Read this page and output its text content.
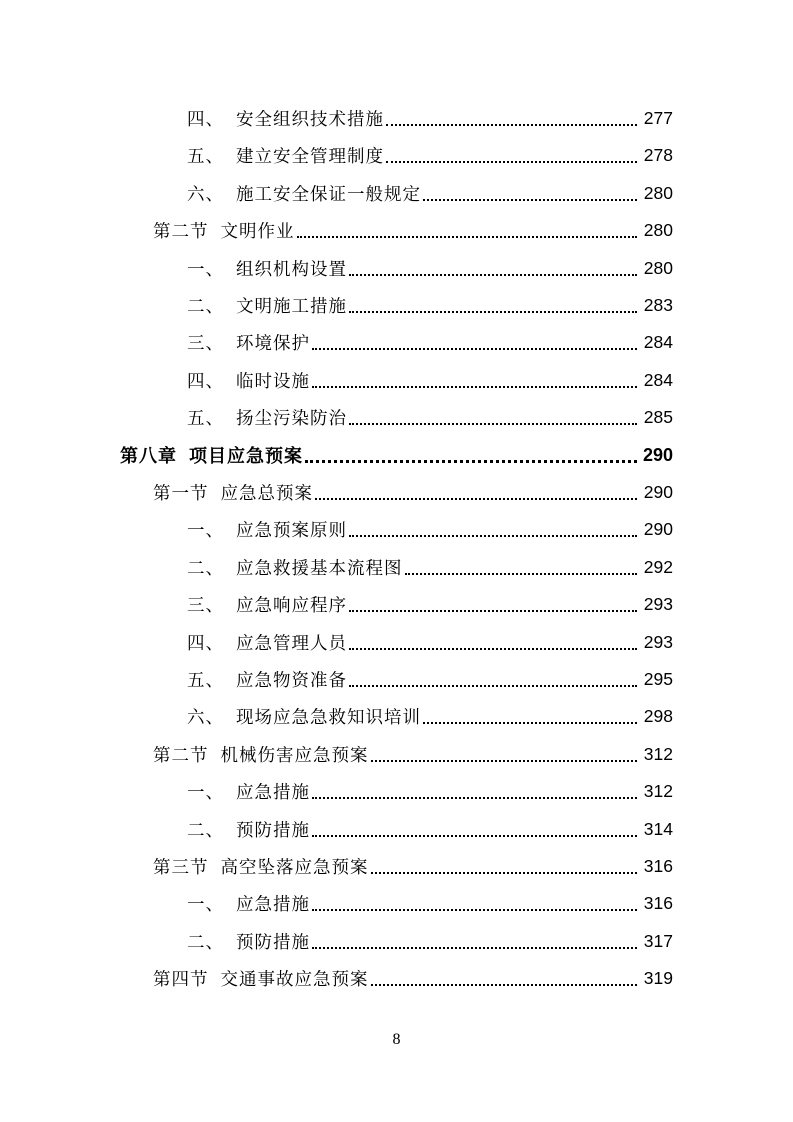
四、 安全组织技术措施	277
五、 建立安全管理制度	278
六、 施工安全保证一般规定	280
第二节 文明作业	280
一、 组织机构设置	280
二、 文明施工措施	283
三、 环境保护	284
四、 临时设施	284
五、 扬尘污染防治	285
第八章 项目应急预案	290
第一节 应急总预案	290
一、 应急预案原则	290
二、 应急救援基本流程图	292
三、 应急响应程序	293
四、 应急管理人员	293
五、 应急物资准备	295
六、 现场应急急救知识培训	298
第二节 机械伤害应急预案	312
一、 应急措施	312
二、 预防措施	314
第三节 高空坠落应急预案	316
一、 应急措施	316
二、 预防措施	317
第四节 交通事故应急预案	319
8
